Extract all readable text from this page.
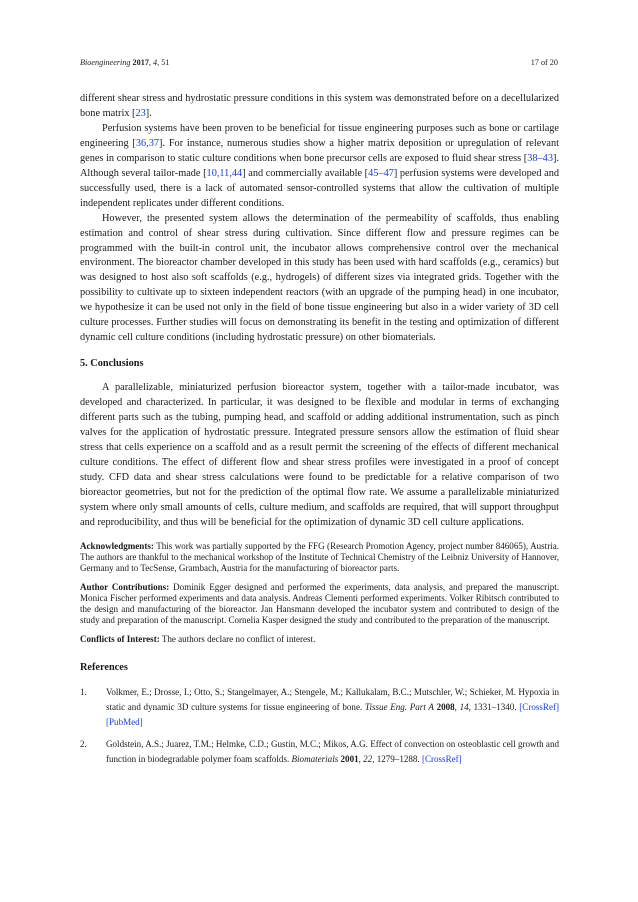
Bioengineering 2017, 4, 51	17 of 20

different shear stress and hydrostatic pressure conditions in this system was demonstrated before on a decellularized bone matrix [23].

Perfusion systems have been proven to be beneficial for tissue engineering purposes such as bone or cartilage engineering [36,37]. For instance, numerous studies show a higher matrix deposition or upregulation of relevant genes in comparison to static culture conditions when bone precursor cells are exposed to fluid shear stress [38–43]. Although several tailor-made [10,11,44] and commercially available [45–47] perfusion systems were developed and successfully used, there is a lack of automated sensor-controlled systems that allow the cultivation of multiple independent replicates under different conditions.

However, the presented system allows the determination of the permeability of scaffolds, thus enabling estimation and control of shear stress during cultivation. Since different flow and pressure regimes can be programmed with the built-in control unit, the incubator allows comprehensive control over the mechanical environment. The bioreactor chamber developed in this study has been used with hard scaffolds (e.g., ceramics) but was designed to host also soft scaffolds (e.g., hydrogels) of different sizes via integrated grids. Together with the possibility to cultivate up to sixteen independent reactors (with an upgrade of the pumping head) in one incubator, we hypothesize it can be used not only in the field of bone tissue engineering but also in a wider variety of 3D cell culture processes. Further studies will focus on demonstrating its benefit in the testing and optimization of different dynamic cell culture conditions (including hydrostatic pressure) on other biomaterials.

5. Conclusions

A parallelizable, miniaturized perfusion bioreactor system, together with a tailor-made incubator, was developed and characterized. In particular, it was designed to be flexible and modular in terms of exchanging different parts such as the tubing, pumping head, and scaffold or adding additional instrumentation, such as pinch valves for the application of hydrostatic pressure. Integrated pressure sensors allow the estimation of fluid shear stress that cells experience on a scaffold and as a result permit the screening of the effects of different mechanical culture conditions. The effect of different flow and shear stress profiles were investigated in a proof of concept study. CFD data and shear stress calculations were found to be predictable for a relative comparison of two bioreactor geometries, but not for the prediction of the optimal flow rate. We assume a parallelizable miniaturized system where only small amounts of cells, culture medium, and scaffolds are required, that will support throughput and reproducibility, and thus will be beneficial for the optimization of dynamic 3D cell culture applications.

Acknowledgments: This work was partially supported by the FFG (Research Promotion Agency, project number 846065), Austria. The authors are thankful to the mechanical workshop of the Institute of Technical Chemistry of the Leibniz University of Hannover, Germany and to TecSense, Grambach, Austria for the manufacturing of bioreactor parts.

Author Contributions: Dominik Egger designed and performed the experiments, data analysis, and prepared the manuscript. Monica Fischer performed experiments and data analysis. Andreas Clementi performed experiments. Volker Ribitsch contributed to the design and manufacturing of the bioreactor. Jan Hansmann developed the incubator system and contributed to design of the study and preparation of the manuscript. Cornelia Kasper designed the study and contributed to the preparation of the manuscript.

Conflicts of Interest: The authors declare no conflict of interest.

References
1. Volkmer, E.; Drosse, I.; Otto, S.; Stangelmayer, A.; Stengele, M.; Kallukalam, B.C.; Mutschler, W.; Schieker, M. Hypoxia in static and dynamic 3D culture systems for tissue engineering of bone. Tissue Eng. Part A 2008, 14, 1331–1340. [CrossRef] [PubMed]
2. Goldstein, A.S.; Juarez, T.M.; Helmke, C.D.; Gustin, M.C.; Mikos, A.G. Effect of convection on osteoblastic cell growth and function in biodegradable polymer foam scaffolds. Biomaterials 2001, 22, 1279–1288. [CrossRef]
